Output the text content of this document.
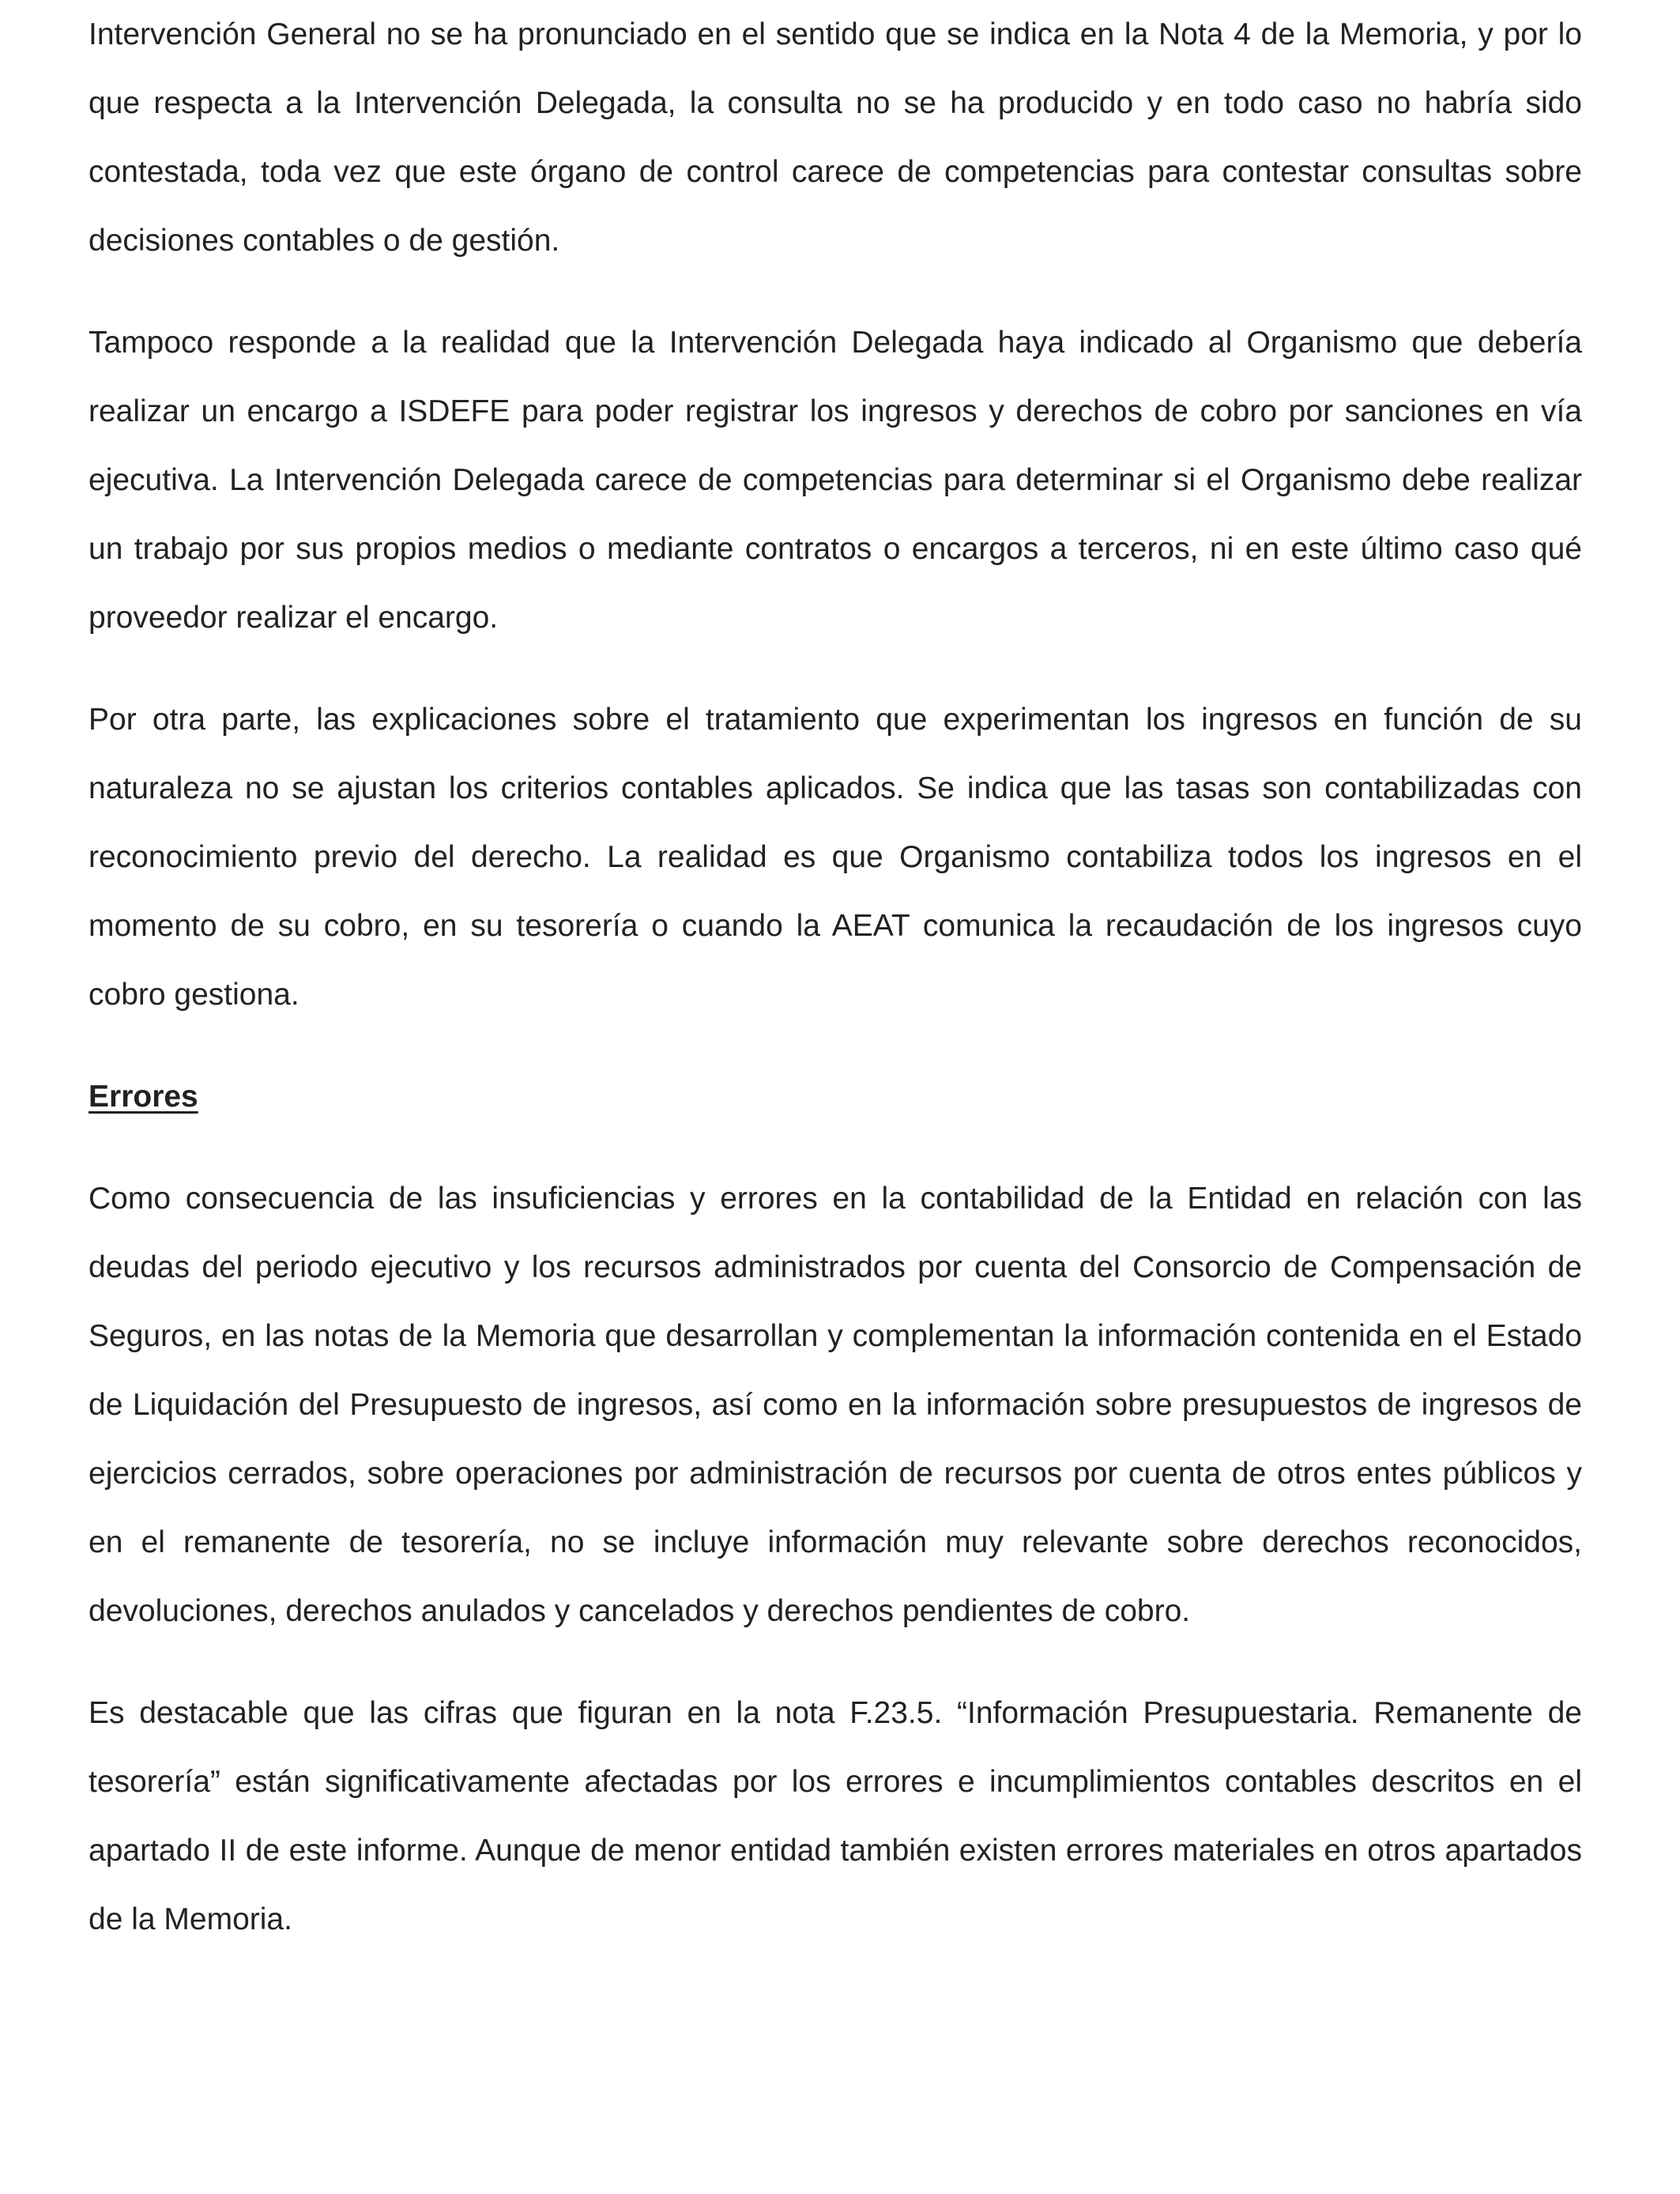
Intervención General no se ha pronunciado en el sentido que se indica en la Nota 4 de la Memoria, y por lo que respecta a la Intervención Delegada, la consulta no se ha producido y en todo caso no habría sido contestada, toda vez que este órgano de control carece de competencias para contestar consultas sobre decisiones contables o de gestión.

Tampoco responde a la realidad que la Intervención Delegada haya indicado al Organismo que debería realizar un encargo a ISDEFE para poder registrar los ingresos y derechos de cobro por sanciones en vía ejecutiva. La Intervención Delegada carece de competencias para determinar si el Organismo debe realizar un trabajo por sus propios medios o mediante contratos o encargos a terceros, ni en este último caso qué proveedor realizar el encargo.

Por otra parte, las explicaciones sobre el tratamiento que experimentan los ingresos en función de su naturaleza no se ajustan los criterios contables aplicados. Se indica que las tasas son contabilizadas con reconocimiento previo del derecho. La realidad es que Organismo contabiliza todos los ingresos en el momento de su cobro, en su tesorería o cuando la AEAT comunica la recaudación de los ingresos cuyo cobro gestiona.

Errores

Como consecuencia de las insuficiencias y errores en la contabilidad de la Entidad en relación con las deudas del periodo ejecutivo y los recursos administrados por cuenta del Consorcio de Compensación de Seguros, en las notas de la Memoria que desarrollan y complementan la información contenida en el Estado de Liquidación del Presupuesto de ingresos, así como en la información sobre presupuestos de ingresos de ejercicios cerrados, sobre operaciones por administración de recursos por cuenta de otros entes públicos y en el remanente de tesorería, no se incluye información muy relevante sobre derechos reconocidos, devoluciones, derechos anulados y cancelados y derechos pendientes de cobro.

Es destacable que las cifras que figuran en la nota F.23.5. “Información Presupuestaria. Remanente de tesorería” están significativamente afectadas por los errores e incumplimientos contables descritos en el apartado II de este informe. Aunque de menor entidad también existen errores materiales en otros apartados de la Memoria.
